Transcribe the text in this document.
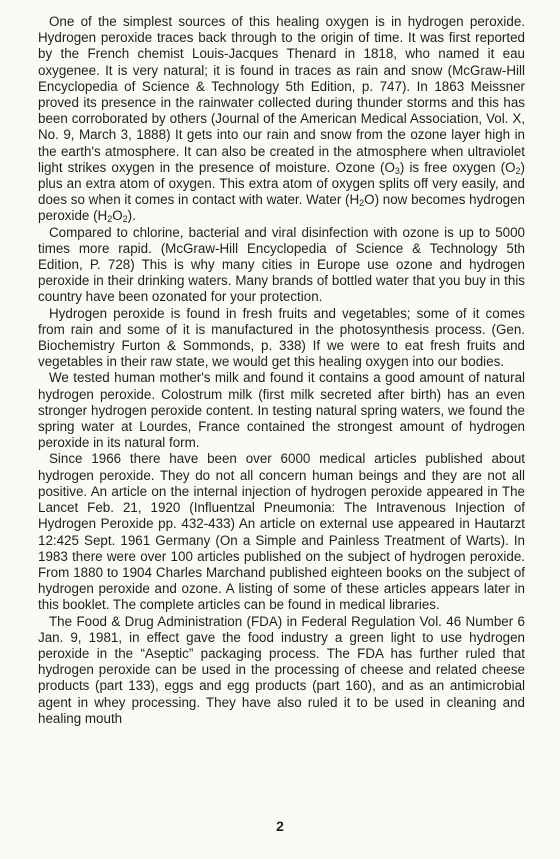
One of the simplest sources of this healing oxygen is in hydrogen peroxide. Hydrogen peroxide traces back through to the origin of time. It was first reported by the French chemist Louis-Jacques Thenard in 1818, who named it eau oxygenee. It is very natural; it is found in traces as rain and snow (McGraw-Hill Encyclopedia of Science & Technology 5th Edition, p. 747). In 1863 Meissner proved its presence in the rainwater collected during thunder storms and this has been corroborated by others (Journal of the American Medical Association, Vol. X, No. 9, March 3, 1888) It gets into our rain and snow from the ozone layer high in the earth's atmosphere. It can also be created in the atmosphere when ultraviolet light strikes oxygen in the presence of moisture. Ozone $(O_3)$ is free oxygen $(O_2)$ plus an extra atom of oxygen. This extra atom of oxygen splits off very easily, and does so when it comes in contact with water. Water $(H_2O)$ now becomes hydrogen peroxide $(H_2O_2)$.

Compared to chlorine, bacterial and viral disinfection with ozone is up to 5000 times more rapid. (McGraw-Hill Encyclopedia of Science & Technology 5th Edition, P. 728) This is why many cities in Europe use ozone and hydrogen peroxide in their drinking waters. Many brands of bottled water that you buy in this country have been ozonated for your protection.

Hydrogen peroxide is found in fresh fruits and vegetables; some of it comes from rain and some of it is manufactured in the photosynthesis process. (Gen. Biochemistry Furton & Sommonds, p. 338) If we were to eat fresh fruits and vegetables in their raw state, we would get this healing oxygen into our bodies.

We tested human mother's milk and found it contains a good amount of natural hydrogen peroxide. Colostrum milk (first milk secreted after birth) has an even stronger hydrogen peroxide content. In testing natural spring waters, we found the spring water at Lourdes, France contained the strongest amount of hydrogen peroxide in its natural form.

Since 1966 there have been over 6000 medical articles published about hydrogen peroxide. They do not all concern human beings and they are not all positive. An article on the internal injection of hydrogen peroxide appeared in The Lancet Feb. 21, 1920 (Influentzal Pneumonia: The Intravenous Injection of Hydrogen Peroxide pp. 432-433) An article on external use appeared in Hautarzt 12:425 Sept. 1961 Germany (On a Simple and Painless Treatment of Warts). In 1983 there were over 100 articles published on the subject of hydrogen peroxide. From 1880 to 1904 Charles Marchand published eighteen books on the subject of hydrogen peroxide and ozone. A listing of some of these articles appears later in this booklet. The complete articles can be found in medical libraries.

The Food & Drug Administration (FDA) in Federal Regulation Vol. 46 Number 6 Jan. 9, 1981, in effect gave the food industry a green light to use hydrogen peroxide in the “Aseptic” packaging process. The FDA has further ruled that hydrogen peroxide can be used in the processing of cheese and related cheese products (part 133), eggs and egg products (part 160), and as an antimicrobial agent in whey processing. They have also ruled it to be used in cleaning and healing mouth

2
